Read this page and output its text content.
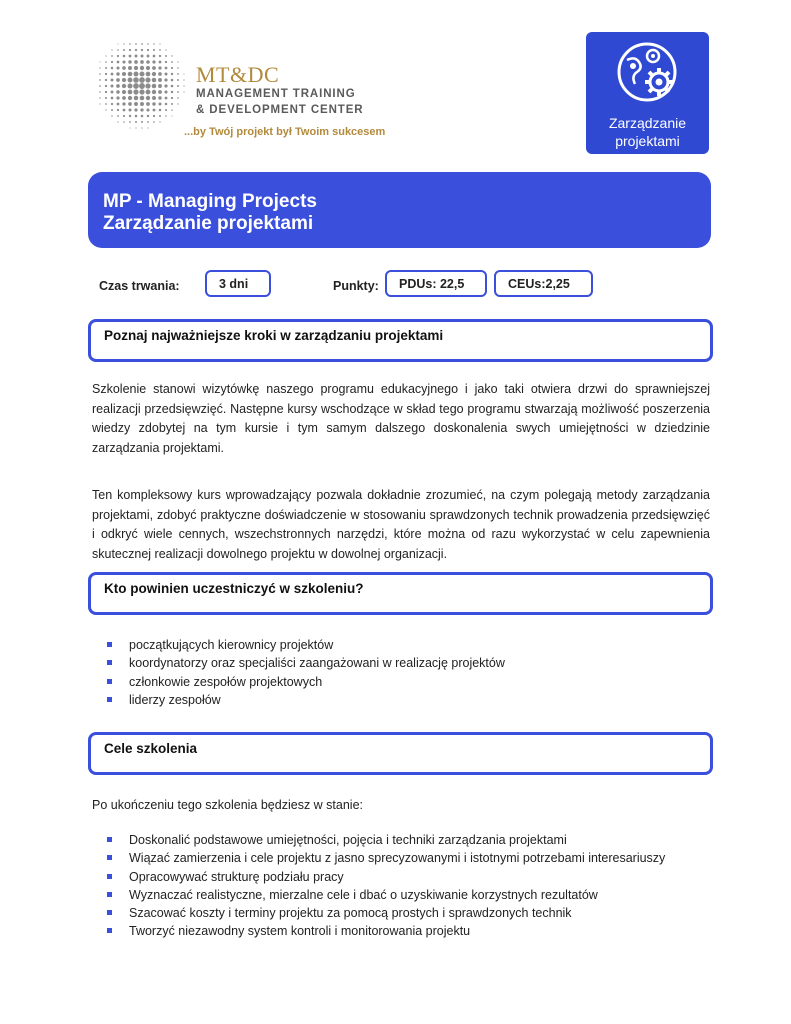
MT&DC
MANAGEMENT TRAINING
& DEVELOPMENT CENTER
...by Twój projekt był Twoim sukcesem
Zarządzanie
projektami
MP - Managing Projects
Zarządzanie projektami
Czas trwania:	3 dni	Punkty:	PDUs: 22,5	CEUs:2,25
Poznaj najważniejsze kroki w zarządzaniu projektami

Szkolenie stanowi wizytówkę naszego programu edukacyjnego i jako taki otwiera drzwi do sprawniejszej realizacji przedsięwzięć. Następne kursy wschodzące w skład tego programu stwarzają możliwość poszerzenia wiedzy zdobytej na tym kursie i tym samym dalszego doskonalenia swych umiejętności w dziedzinie zarządzania projektami.

Ten kompleksowy kurs wprowadzający pozwala dokładnie zrozumieć, na czym polegają metody zarządzania projektami, zdobyć praktyczne doświadczenie w stosowaniu sprawdzonych technik prowadzenia przedsięwzięć i odkryć wiele cennych, wszechstronnych narzędzi, które można od razu wykorzystać w celu zapewnienia skutecznej realizacji dowolnego projektu w dowolnej organizacji.

Kto powinien uczestniczyć w szkoleniu?
początkujących kierownicy projektów
koordynatorzy oraz specjaliści zaangażowani w realizację projektów
członkowie zespołów projektowych
liderzy zespołów
Cele szkolenia

Po ukończeniu tego szkolenia będziesz w stanie:

Doskonalić podstawowe umiejętności, pojęcia i techniki zarządzania projektami
Wiązać zamierzenia i cele projektu z jasno sprecyzowanymi i istotnymi potrzebami interesariuszy
Opracowywać strukturę podziału pracy
Wyznaczać realistyczne, mierzalne cele i dbać o uzyskiwanie korzystnych rezultatów
Szacować koszty i terminy projektu za pomocą prostych i sprawdzonych technik
Tworzyć niezawodny system kontroli i monitorowania projektu
